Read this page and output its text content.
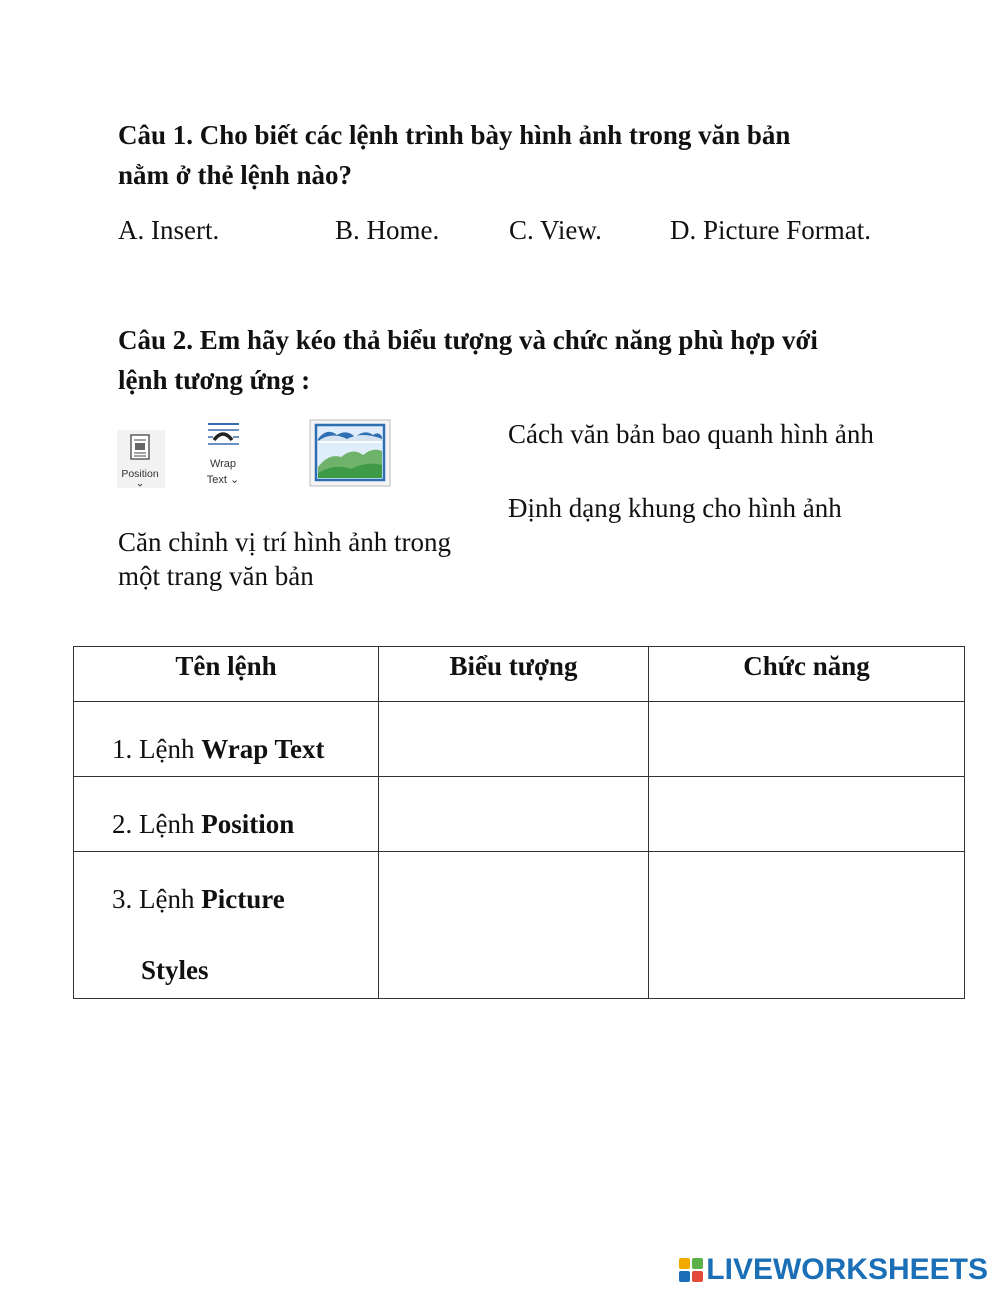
Câu 1. Cho biết các lệnh trình bày hình ảnh trong văn bản
nằm ở thẻ lệnh nào?
A. Insert.	B. Home.	C. View.	D. Picture Format.
Câu 2. Em hãy kéo thả biểu tượng và chức năng phù hợp với
lệnh tương ứng :
Position
Wrap
Text ⌄
Cách văn bản bao quanh hình ảnh
Định dạng khung cho hình ảnh
Căn chỉnh vị trí hình ảnh trong
một trang văn bản
Tên lệnh	Biểu tượng	Chức năng
1. Lệnh Wrap Text		
2. Lệnh Position		

3. Lệnh Picture
Styles		

LIVEWORKSHEETS
